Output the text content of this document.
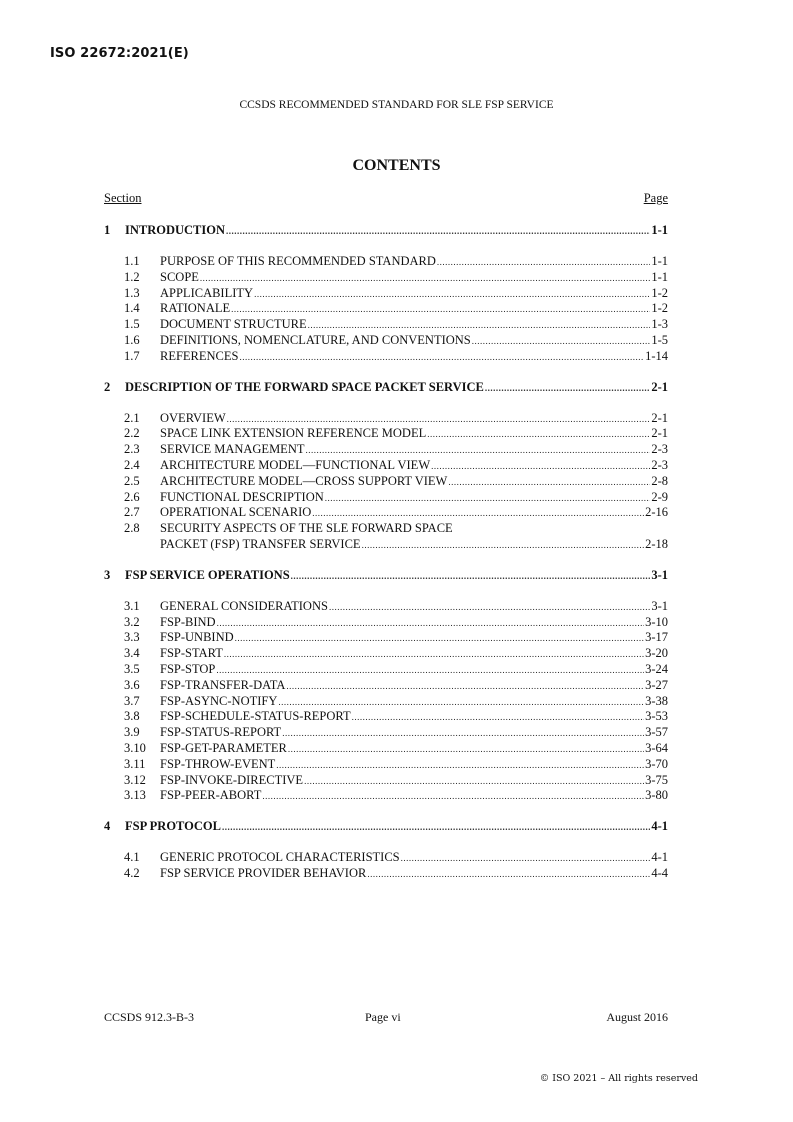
ISO 22672:2021(E)
CCSDS RECOMMENDED STANDARD FOR SLE FSP SERVICE
CONTENTS
Section	Page
1	INTRODUCTION .....	1-1
1.1	PURPOSE OF THIS RECOMMENDED STANDARD .....	1-1
1.2	SCOPE .....	1-1
1.3	APPLICABILITY .....	1-2
1.4	RATIONALE .....	1-2
1.5	DOCUMENT STRUCTURE .....	1-3
1.6	DEFINITIONS, NOMENCLATURE, AND CONVENTIONS .....	1-5
1.7	REFERENCES .....	1-14
2	DESCRIPTION OF THE FORWARD SPACE PACKET SERVICE .....	2-1
2.1	OVERVIEW .....	2-1
2.2	SPACE LINK EXTENSION REFERENCE MODEL .....	2-1
2.3	SERVICE MANAGEMENT .....	2-3
2.4	ARCHITECTURE MODEL—FUNCTIONAL VIEW .....	2-3
2.5	ARCHITECTURE MODEL—CROSS SUPPORT VIEW .....	2-8
2.6	FUNCTIONAL DESCRIPTION .....	2-9
2.7	OPERATIONAL SCENARIO .....	2-16
2.8	SECURITY ASPECTS OF THE SLE FORWARD SPACE
PACKET (FSP) TRANSFER SERVICE .....	2-18
3	FSP SERVICE OPERATIONS .....	3-1
3.1	GENERAL CONSIDERATIONS .....	3-1
3.2	FSP-BIND .....	3-10
3.3	FSP-UNBIND .....	3-17
3.4	FSP-START .....	3-20
3.5	FSP-STOP .....	3-24
3.6	FSP-TRANSFER-DATA .....	3-27
3.7	FSP-ASYNC-NOTIFY .....	3-38
3.8	FSP-SCHEDULE-STATUS-REPORT .....	3-53
3.9	FSP-STATUS-REPORT .....	3-57
3.10	FSP-GET-PARAMETER .....	3-64
3.11	FSP-THROW-EVENT .....	3-70
3.12	FSP-INVOKE-DIRECTIVE .....	3-75
3.13	FSP-PEER-ABORT .....	3-80
4	FSP PROTOCOL .....	4-1
4.1	GENERIC PROTOCOL CHARACTERISTICS .....	4-1
4.2	FSP SERVICE PROVIDER BEHAVIOR .....	4-4
CCSDS 912.3-B-3	Page vi	August 2016
© ISO 2021 – All rights reserved
